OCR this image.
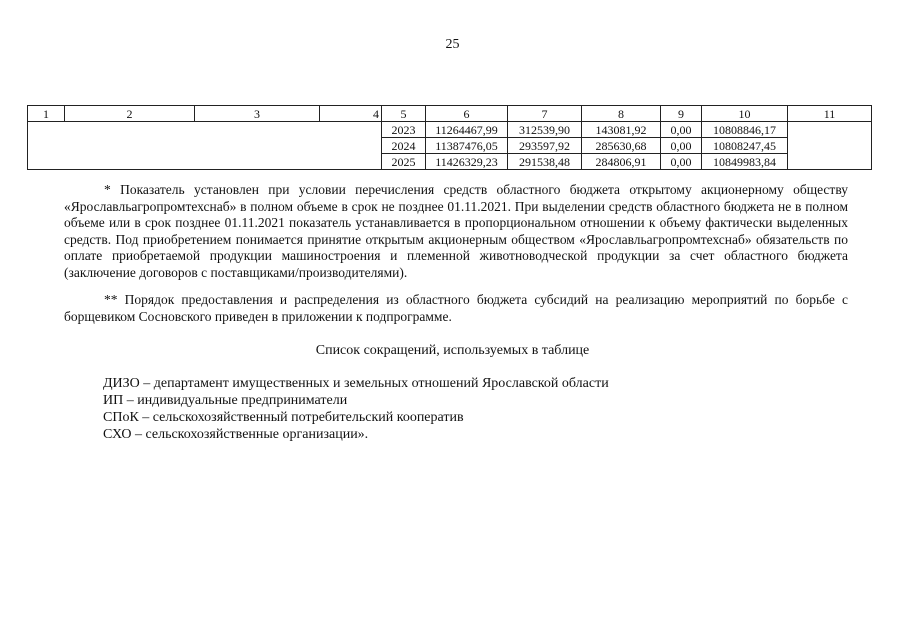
25
1	2	3	4	5	6	7	8	9	10	11
				2023	11264467,99	312539,90	143081,92	0,00	10808846,17	
				2024	11387476,05	293597,92	285630,68	0,00	10808247,45	
				2025	11426329,23	291538,48	284806,91	0,00	10849983,84	
* Показатель установлен при условии перечисления средств областного бюджета открытому акционерному обществу «Ярославльагропромтехснаб» в полном объеме в срок не позднее 01.11.2021. При выделении средств областного бюджета не в полном объеме или в срок позднее 01.11.2021 показатель устанавливается в пропорциональном отношении к объему фактически выделенных средств. Под приобретением понимается принятие открытым акционерным обществом «Ярославльагропромтехснаб» обязательств по оплате приобретаемой продукции машиностроения и племенной животноводческой продукции за счет областного бюджета (заключение договоров с поставщиками/производителями).
** Порядок предоставления и распределения из областного бюджета субсидий на реализацию мероприятий по борьбе с борщевиком Сосновского приведен в приложении к подпрограмме.
Список сокращений, используемых в таблице
ДИЗО – департамент имущественных и земельных отношений Ярославской области
ИП – индивидуальные предприниматели
СПоК – сельскохозяйственный потребительский кооператив
СХО – сельскохозяйственные организации».
